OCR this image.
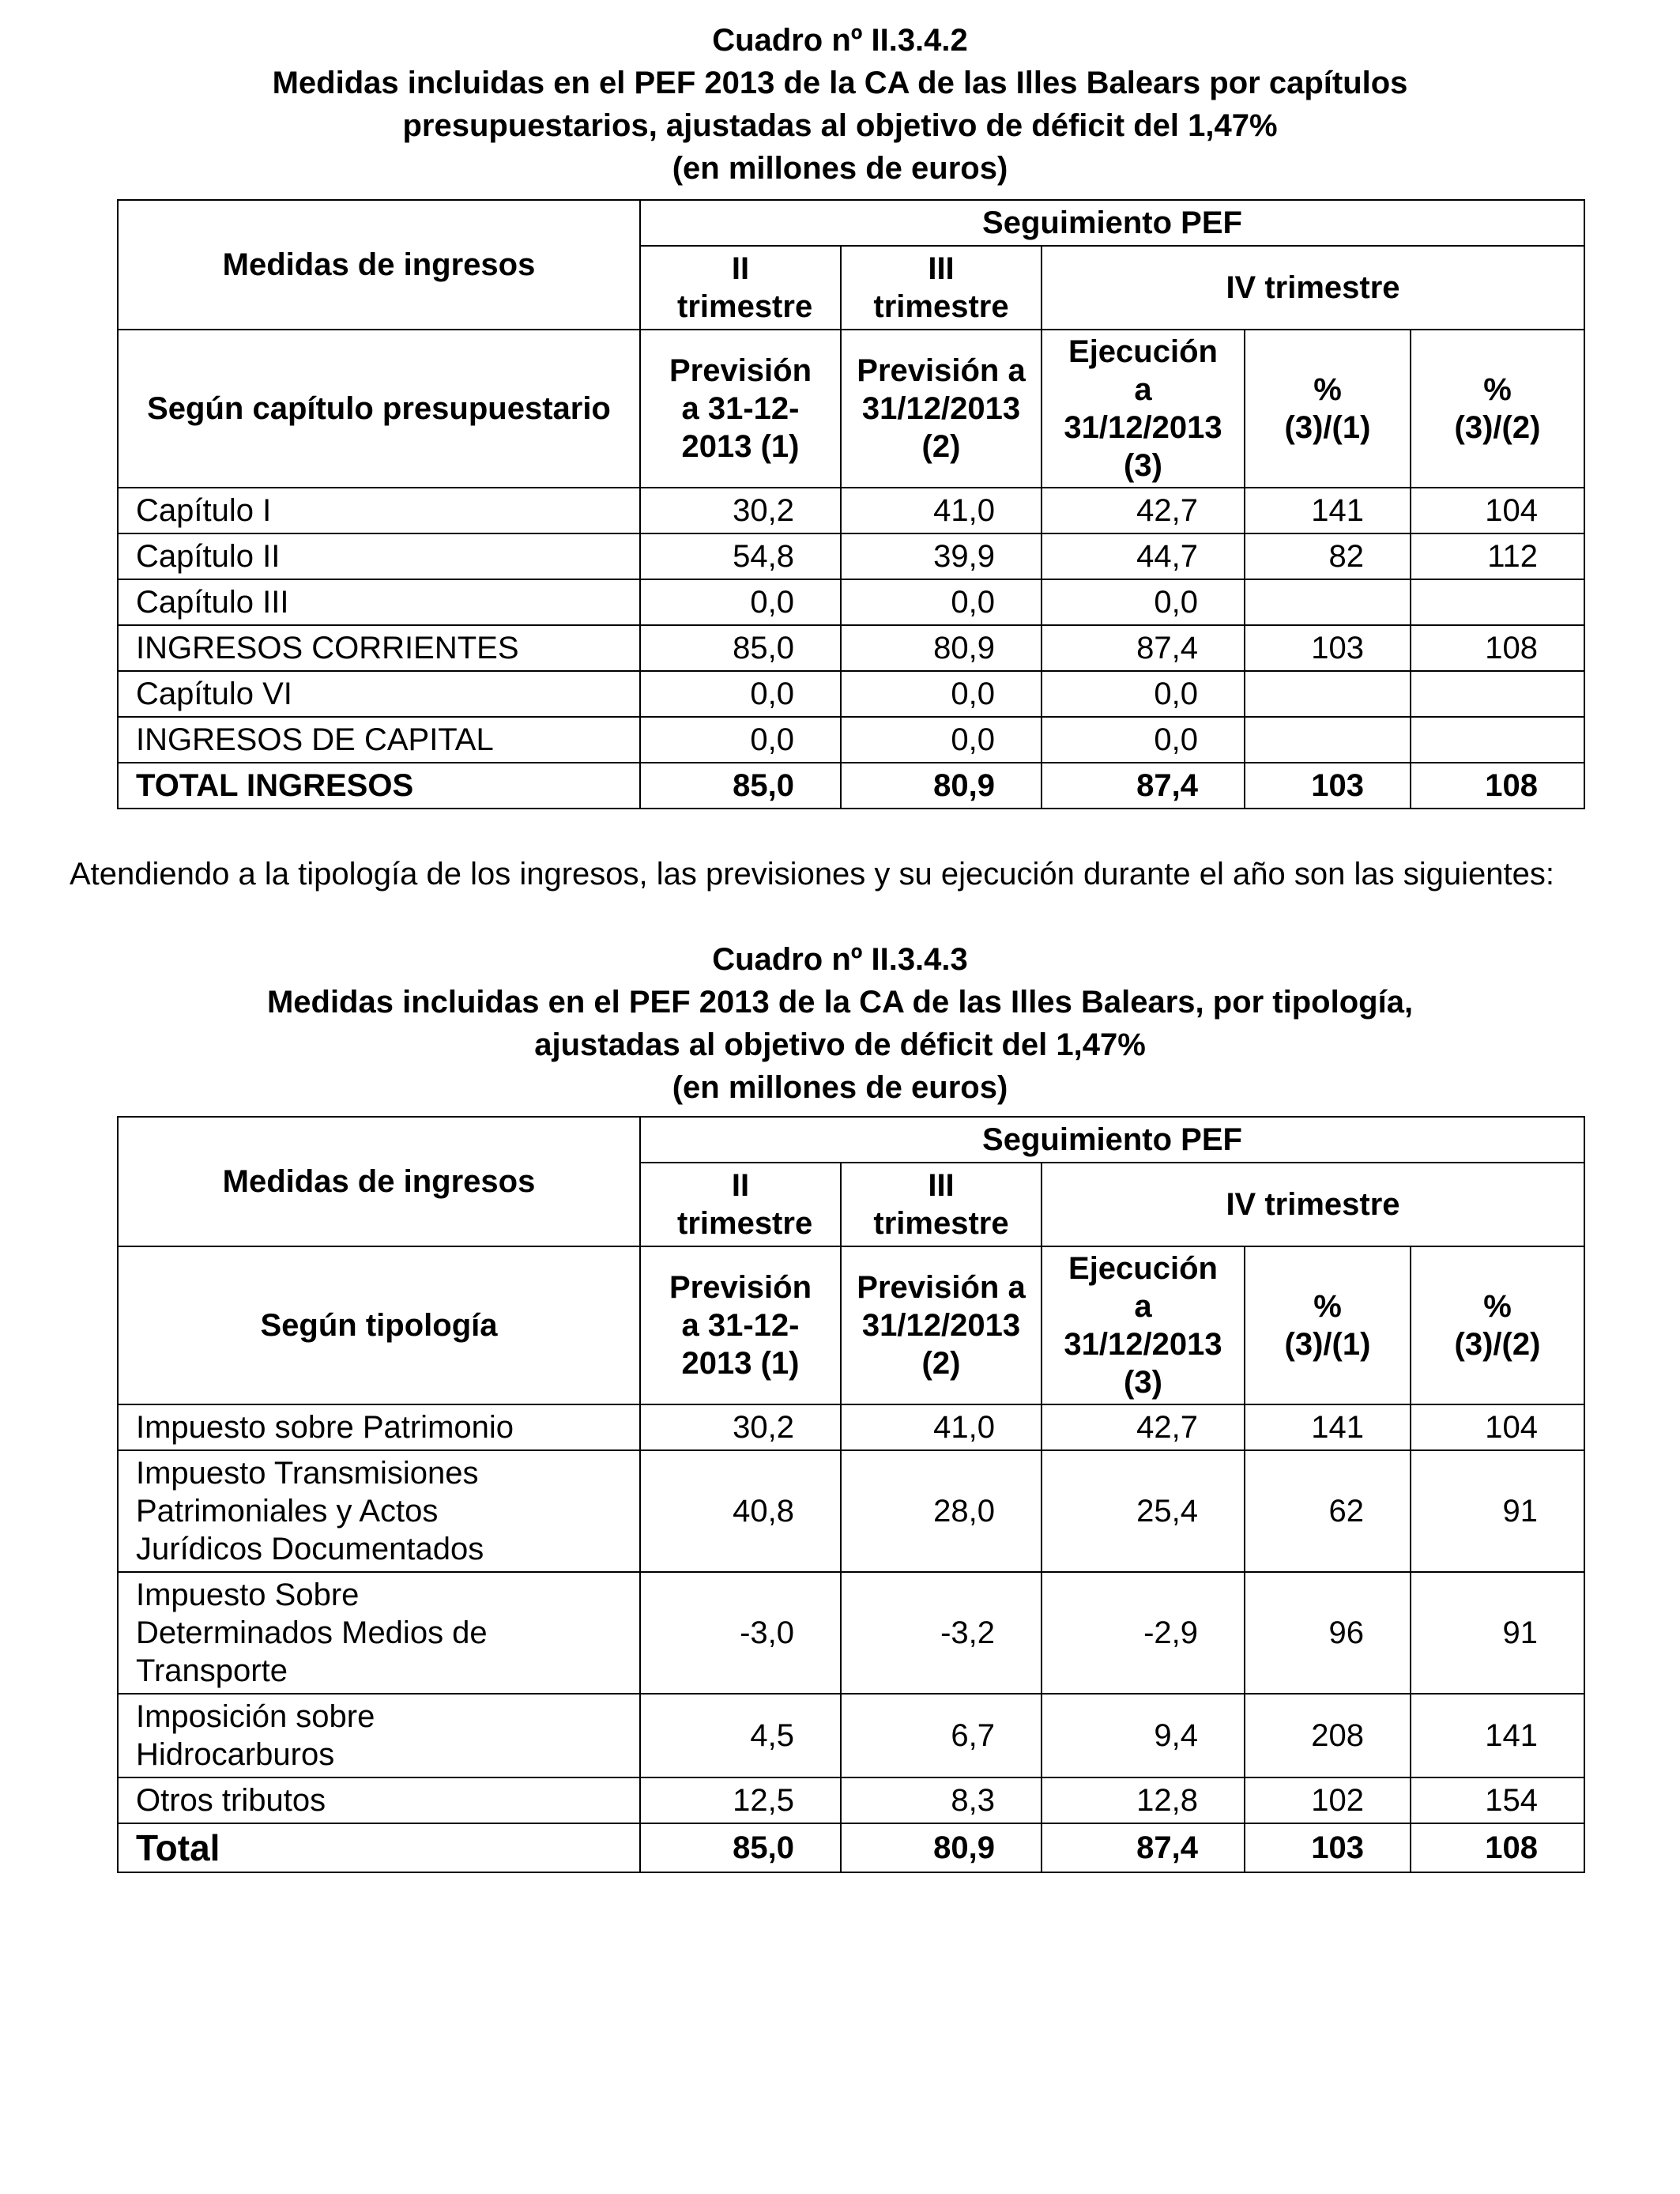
Cuadro nº II.3.4.2
Medidas incluidas en el PEF 2013 de la CA de las Illes Balears por capítulos
presupuestarios, ajustadas al objetivo de déficit del 1,47%
(en millones de euros)
Medidas de ingresos	Seguimiento PEF				

	II trimestre	III trimestre	IV trimestre		
Según capítulo presupuestario	Previsión a 31-12-2013 (1)	Previsión a 31/12/2013 (2)	Ejecución a 31/12/2013 (3)	% (3)/(1)	% (3)/(2)

Capítulo I	30,2	41,0	42,7	141	104
Capítulo II	54,8	39,9	44,7	82	112
Capítulo III	0,0	0,0	0,0		
INGRESOS CORRIENTES	85,0	80,9	87,4	103	108
Capítulo VI	0,0	0,0	0,0		
INGRESOS DE CAPITAL	0,0	0,0	0,0		
TOTAL INGRESOS	85,0	80,9	87,4	103	108
Atendiendo a la tipología de los ingresos, las previsiones y su ejecución durante el año son las siguientes:
Cuadro nº II.3.4.3
Medidas incluidas en el PEF 2013 de la CA de las Illes Balears, por tipología,
ajustadas al objetivo de déficit del 1,47%
(en millones de euros)
Medidas de ingresos	Seguimiento PEF				

	II trimestre	III trimestre	IV trimestre		
Según tipología	Previsión a 31-12-2013 (1)	Previsión a 31/12/2013 (2)	Ejecución a 31/12/2013 (3)	% (3)/(1)	% (3)/(2)

Impuesto sobre Patrimonio	30,2	41,0	42,7	141	104

Impuesto Transmisiones Patrimoniales y Actos Jurídicos Documentados	40,8	28,0	25,4	62	91

Impuesto Sobre Determinados Medios de Transporte	-3,0	-3,2	-2,9	96	91

Imposición sobre Hidrocarburos	4,5	6,7	9,4	208	141
Otros tributos	12,5	8,3	12,8	102	154
Total	85,0	80,9	87,4	103	108
